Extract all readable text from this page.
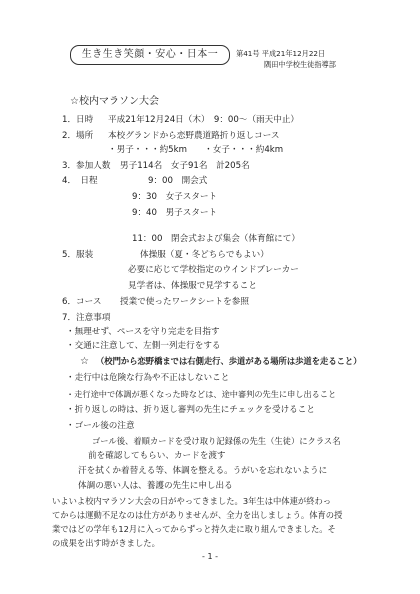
生き生き笑顔・安心・日本一	第41号 平成21年12月22日
隅田中学校生徒指導部
☆校内マラソン大会
1．日時 平成21年12月24日（木）　9：00～（雨天中止）
2．場所 本校グランドから恋野農道路折り返しコース
・男子・・・約5km　　・女子・・・約4km
3．参加人数 男子114名　女子91名　計205名
4．　日程	9：00　開会式
9：30　女子スタート
9：40　男子スタート
11：00　閉会式および集会（体育館にて）
5．服装	体操服（夏・冬どちらでもよい）
必要に応じて学校指定のウインドブレーカー
見学者は、体操服で見学すること
6．コース 授業で使ったワークシートを参照
7．注意事項
・無理せず、ペースを守り完走を目指す
・交通に注意して、左側一列走行をする
☆ （校門から恋野橋までは右側走行、歩道がある場所は歩道を走ること）
・走行中は危険な行為や不正はしないこと
・走行途中で体調が悪くなった時などは、途中審判の先生に申し出ること
・折り返しの時は、折り返し審判の先生にチェックを受けること
・ゴール後の注意
ゴール後、着順カードを受け取り記録係の先生（生徒）にクラス名
前を確認してもらい、カードを渡す
汗を拭くか着替える等、体調を整える。うがいを忘れないように
体調の悪い人は、養護の先生に申し出る
いよいよ校内マラソン大会の日がやってきました。3年生は中体連が終わっ
てからは運動不足なのは仕方がありませんが、全力を出しましょう。体育の授
業ではどの学年も12月に入ってからずっと持久走に取り組んできました。そ
の成果を出す時がきました。
- 1 -
